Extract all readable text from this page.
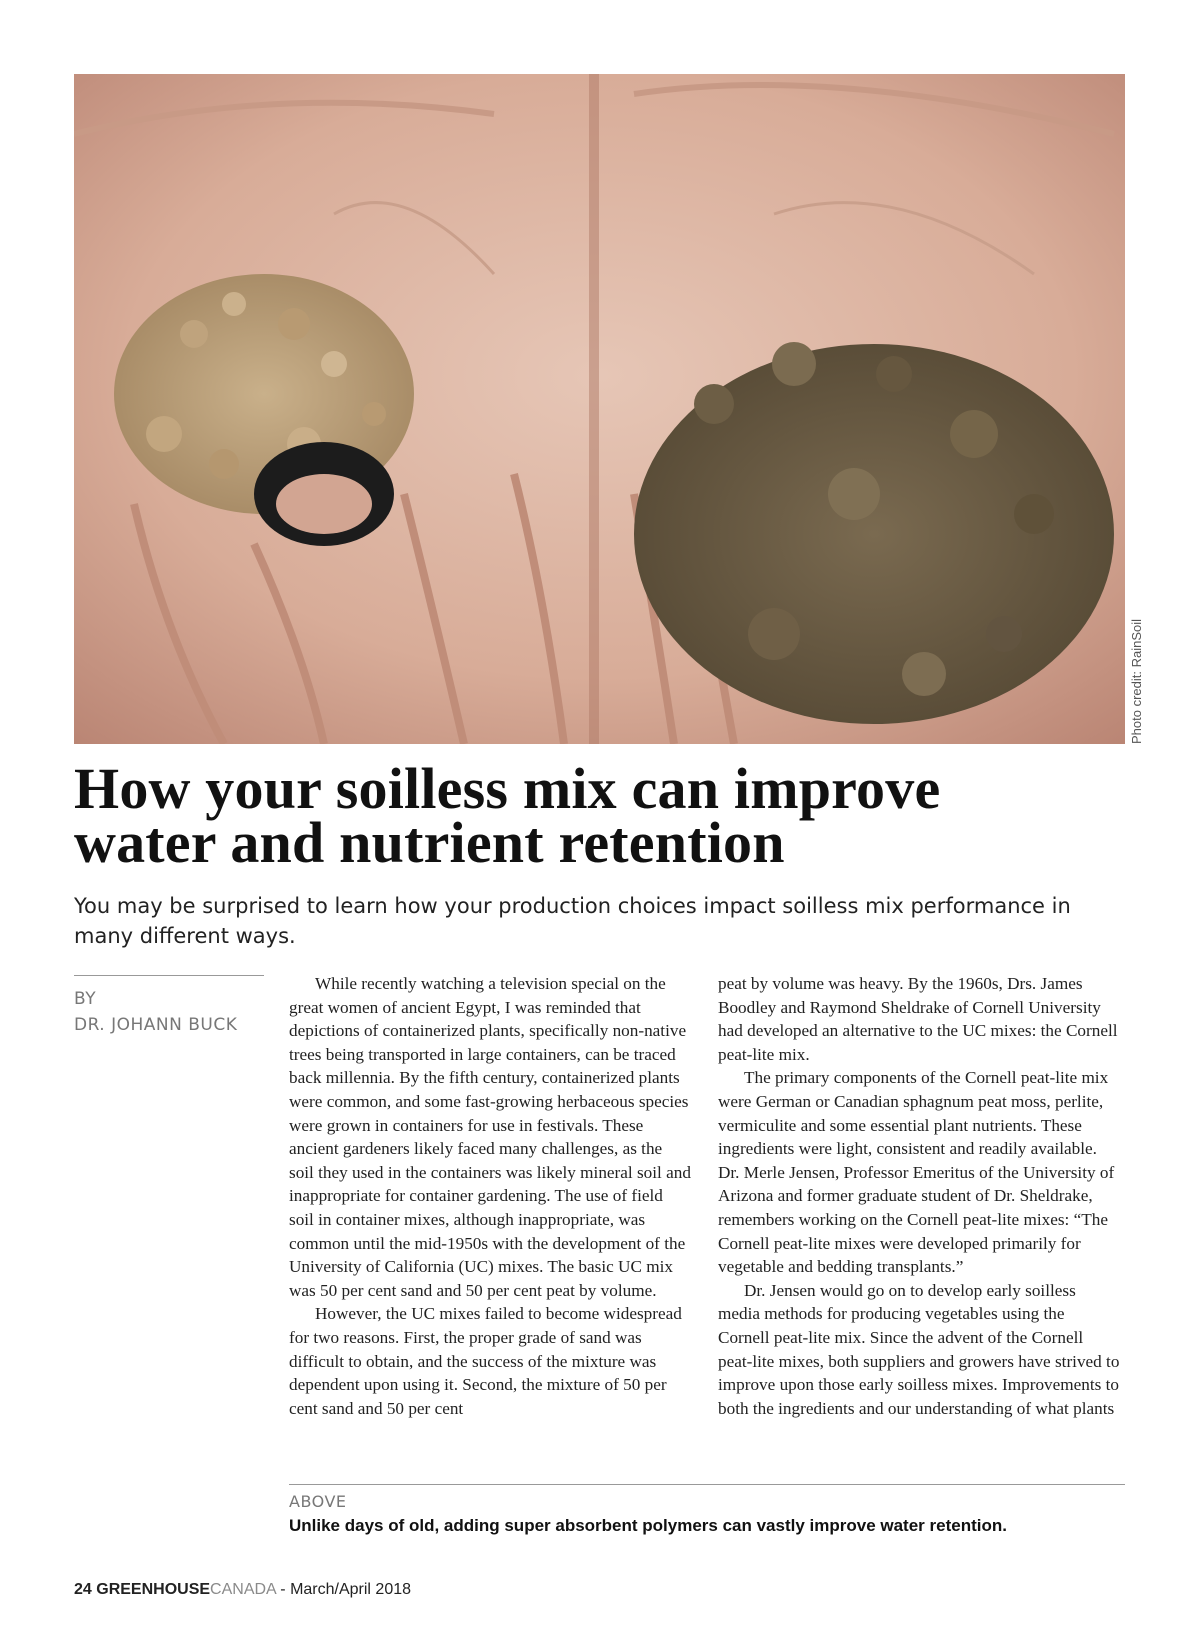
Photo credit: RainSoil
How your soilless mix can improve
water and nutrient retention

You may be surprised to learn how your production choices impact soilless mix performance in many different ways.

BY
DR. JOHANN BUCK

While recently watching a television special on the great women of ancient Egypt, I was reminded that depictions of containerized plants, specifically non-native trees being transported in large containers, can be traced back millennia. By the fifth century, containerized plants were common, and some fast-growing herbaceous species were grown in containers for use in festivals. These ancient gardeners likely faced many challenges, as the soil they used in the containers was likely mineral soil and inappropriate for container gardening. The use of field soil in container mixes, although inappropriate, was common until the mid-1950s with the development of the University of California (UC) mixes. The basic UC mix was 50 per cent sand and 50 per cent peat by volume.

However, the UC mixes failed to become widespread for two reasons. First, the proper grade of sand was difficult to obtain, and the success of the mixture was dependent upon using it. Second, the mixture of 50 per cent sand and 50 per cent

peat by volume was heavy. By the 1960s, Drs. James Boodley and Raymond Sheldrake of Cornell University had developed an alternative to the UC mixes: the Cornell peat-lite mix.

The primary components of the Cornell peat-lite mix were German or Canadian sphagnum peat moss, perlite, vermiculite and some essential plant nutrients. These ingredients were light, consistent and readily available. Dr. Merle Jensen, Professor Emeritus of the University of Arizona and former graduate student of Dr. Sheldrake, remembers working on the Cornell peat-lite mixes: “The Cornell peat-lite mixes were developed primarily for vegetable and bedding transplants.”

Dr. Jensen would go on to develop early soilless media methods for producing vegetables using the Cornell peat-lite mix. Since the advent of the Cornell peat-lite mixes, both suppliers and growers have strived to improve upon those early soilless mixes. Improvements to both the ingredients and our understanding of what plants

ABOVE
Unlike days of old, adding super absorbent polymers can vastly improve water retention.
24 GREENHOUSECANADA - March/April 2018
